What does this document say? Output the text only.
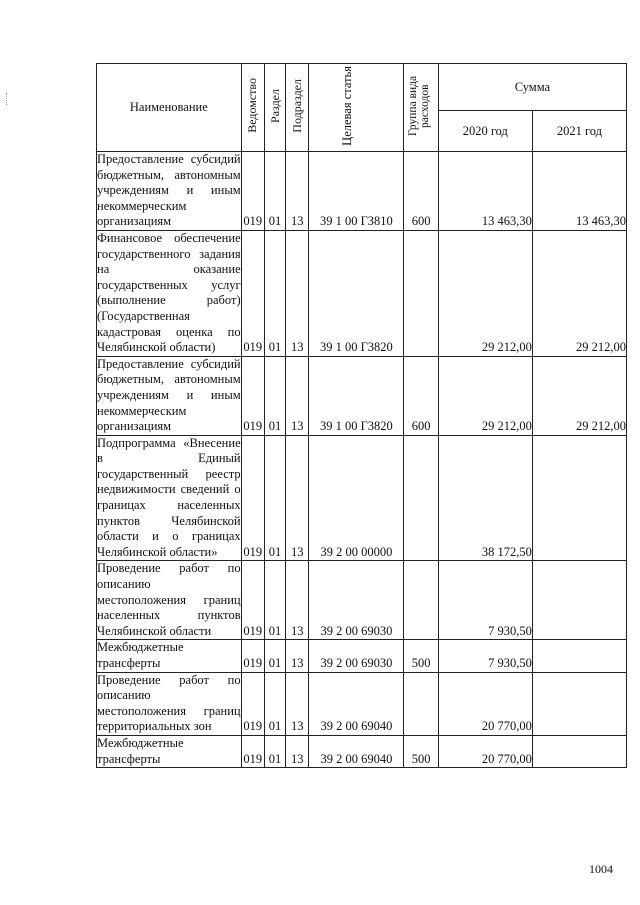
Наименование	Ведомство	Раздел	Подраздел	Целевая статья	Группа вида расходов	Сумма	
						2020 год	2021 год
Предоставление субсидий бюджетным, автономным учреждениям и иным некоммерческим организациям	019	01	13	39 1 00 Г3810	600	13 463,30	13 463,30
Финансовое обеспечение государственного задания на оказание государственных услуг (выполнение работ) (Государственная кадастровая оценка по Челябинской области)	019	01	13	39 1 00 Г3820		29 212,00	29 212,00
Предоставление субсидий бюджетным, автономным учреждениям и иным некоммерческим организациям	019	01	13	39 1 00 Г3820	600	29 212,00	29 212,00
Подпрограмма «Внесение в Единый государственный реестр недвижимости сведений о границах населенных пунктов Челябинской области и о границах Челябинской области»	019	01	13	39 2 00 00000		38 172,50	
Проведение работ по описанию местоположения границ населенных пунктов Челябинской области	019	01	13	39 2 00 69030		7 930,50	
Межбюджетные трансферты	019	01	13	39 2 00 69030	500	7 930,50	
Проведение работ по описанию местоположения границ территориальных зон	019	01	13	39 2 00 69040		20 770,00	
Межбюджетные трансферты	019	01	13	39 2 00 69040	500	20 770,00	
1004
